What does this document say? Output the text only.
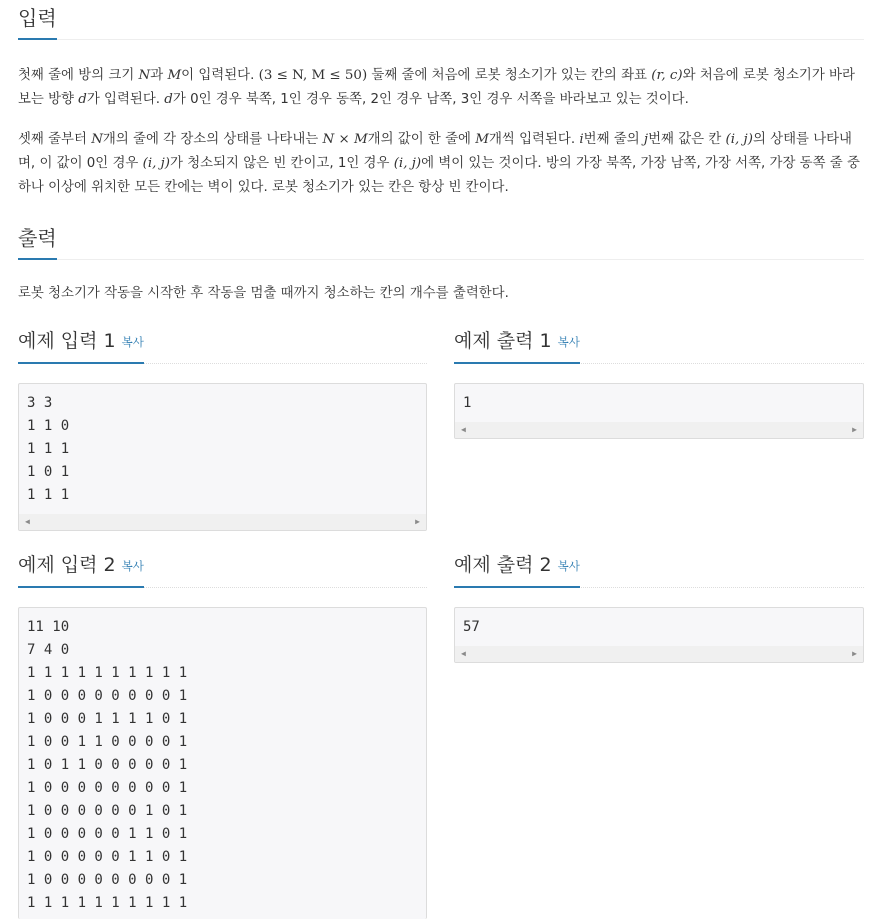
입력
첫째 줄에 방의 크기 N과 M이 입력된다. (3 ≤ N, M ≤ 50) 둘째 줄에 처음에 로봇 청소기가 있는 칸의 좌표 (r, c)와 처음에 로봇 청소기가 바라보는 방향 d가 입력된다. d가 0인 경우 북쪽, 1인 경우 동쪽, 2인 경우 남쪽, 3인 경우 서쪽을 바라보고 있는 것이다.
셋째 줄부터 N개의 줄에 각 장소의 상태를 나타내는 N × M개의 값이 한 줄에 M개씩 입력된다. i번째 줄의 j번째 값은 칸 (i, j)의 상태를 나타내며, 이 값이 0인 경우 (i, j)가 청소되지 않은 빈 칸이고, 1인 경우 (i, j)에 벽이 있는 것이다. 방의 가장 북쪽, 가장 남쪽, 가장 서쪽, 가장 동쪽 줄 중 하나 이상에 위치한 모든 칸에는 벽이 있다. 로봇 청소기가 있는 칸은 항상 빈 칸이다.
출력
로봇 청소기가 작동을 시작한 후 작동을 멈출 때까지 청소하는 칸의 개수를 출력한다.
예제 입력 1 복사	예제 출력 1 복사
3 3
1 1 0
1 1 1
1 0 1
1 1 1
◀	▶
1
◀	▶
예제 입력 2 복사	예제 출력 2 복사
11 10
7 4 0
1 1 1 1 1 1 1 1 1 1
1 0 0 0 0 0 0 0 0 1
1 0 0 0 1 1 1 1 0 1
1 0 0 1 1 0 0 0 0 1
1 0 1 1 0 0 0 0 0 1
1 0 0 0 0 0 0 0 0 1
1 0 0 0 0 0 0 1 0 1
1 0 0 0 0 0 1 1 0 1
1 0 0 0 0 0 1 1 0 1
1 0 0 0 0 0 0 0 0 1
1 1 1 1 1 1 1 1 1 1
57
◀	▶
